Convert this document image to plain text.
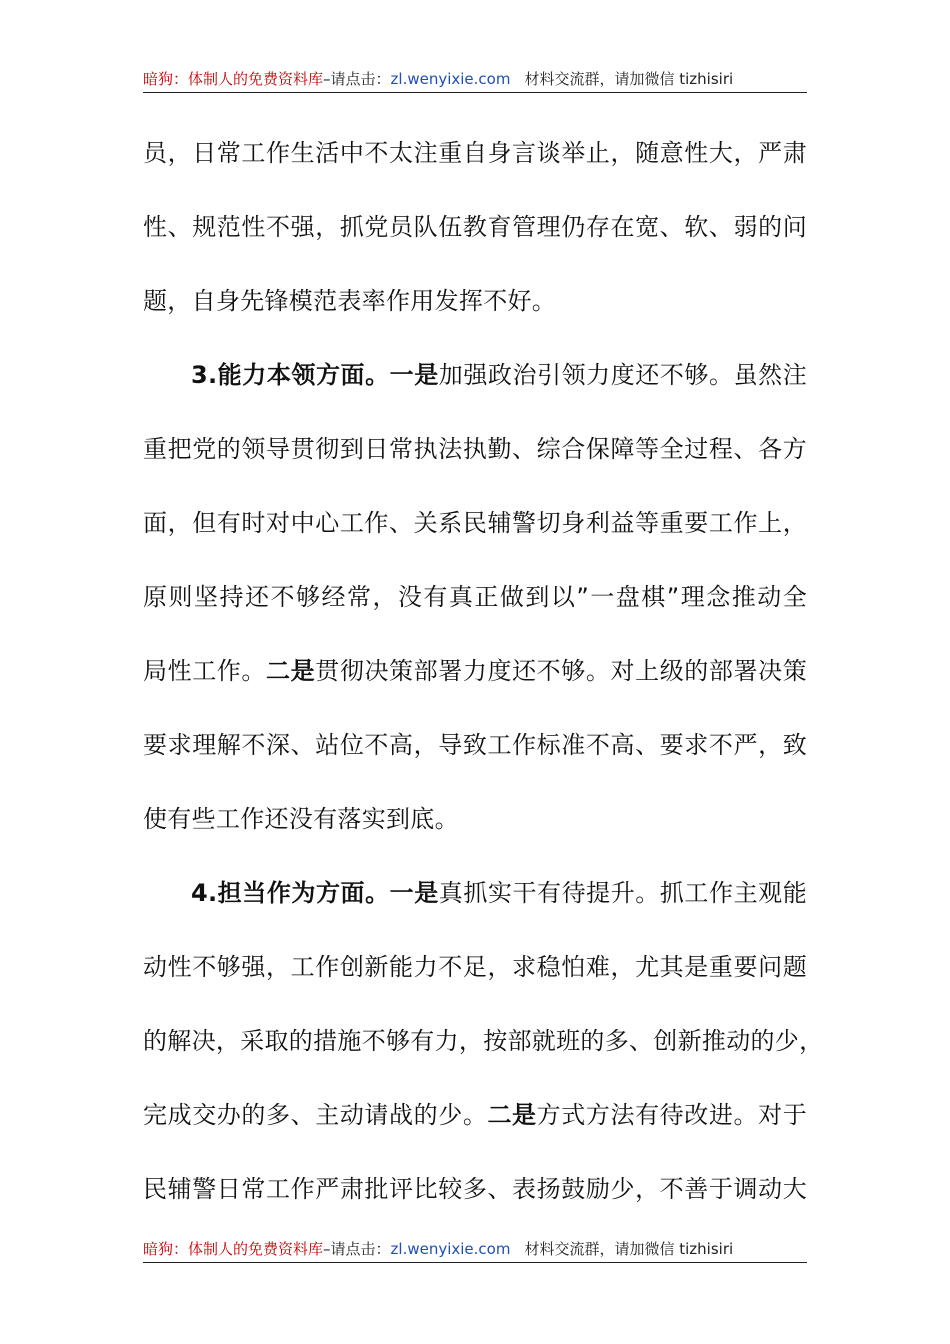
暗狗：体制人的免费资料库–请点击：zl.wenyixie.com 材料交流群，请加微信 tizhisiri
员，日常工作生活中不太注重自身言谈举止，随意性大，严肃
性、规范性不强，抓党员队伍教育管理仍存在宽、软、弱的问
题，自身先锋模范表率作用发挥不好。
3.能力本领方面。一是加强政治引领力度还不够。虽然注
重把党的领导贯彻到日常执法执勤、综合保障等全过程、各方
面，但有时对中心工作、关系民辅警切身利益等重要工作上，
原则坚持还不够经常，没有真正做到以”一盘棋”理念推动全
局性工作。二是贯彻决策部署力度还不够。对上级的部署决策
要求理解不深、站位不高，导致工作标准不高、要求不严，致
使有些工作还没有落实到底。
4.担当作为方面。一是真抓实干有待提升。抓工作主观能
动性不够强，工作创新能力不足，求稳怕难，尤其是重要问题
的解决，采取的措施不够有力，按部就班的多、创新推动的少，
完成交办的多、主动请战的少。二是方式方法有待改进。对于
民辅警日常工作严肃批评比较多、表扬鼓励少，不善于调动大
暗狗：体制人的免费资料库–请点击：zl.wenyixie.com 材料交流群，请加微信 tizhisiri
